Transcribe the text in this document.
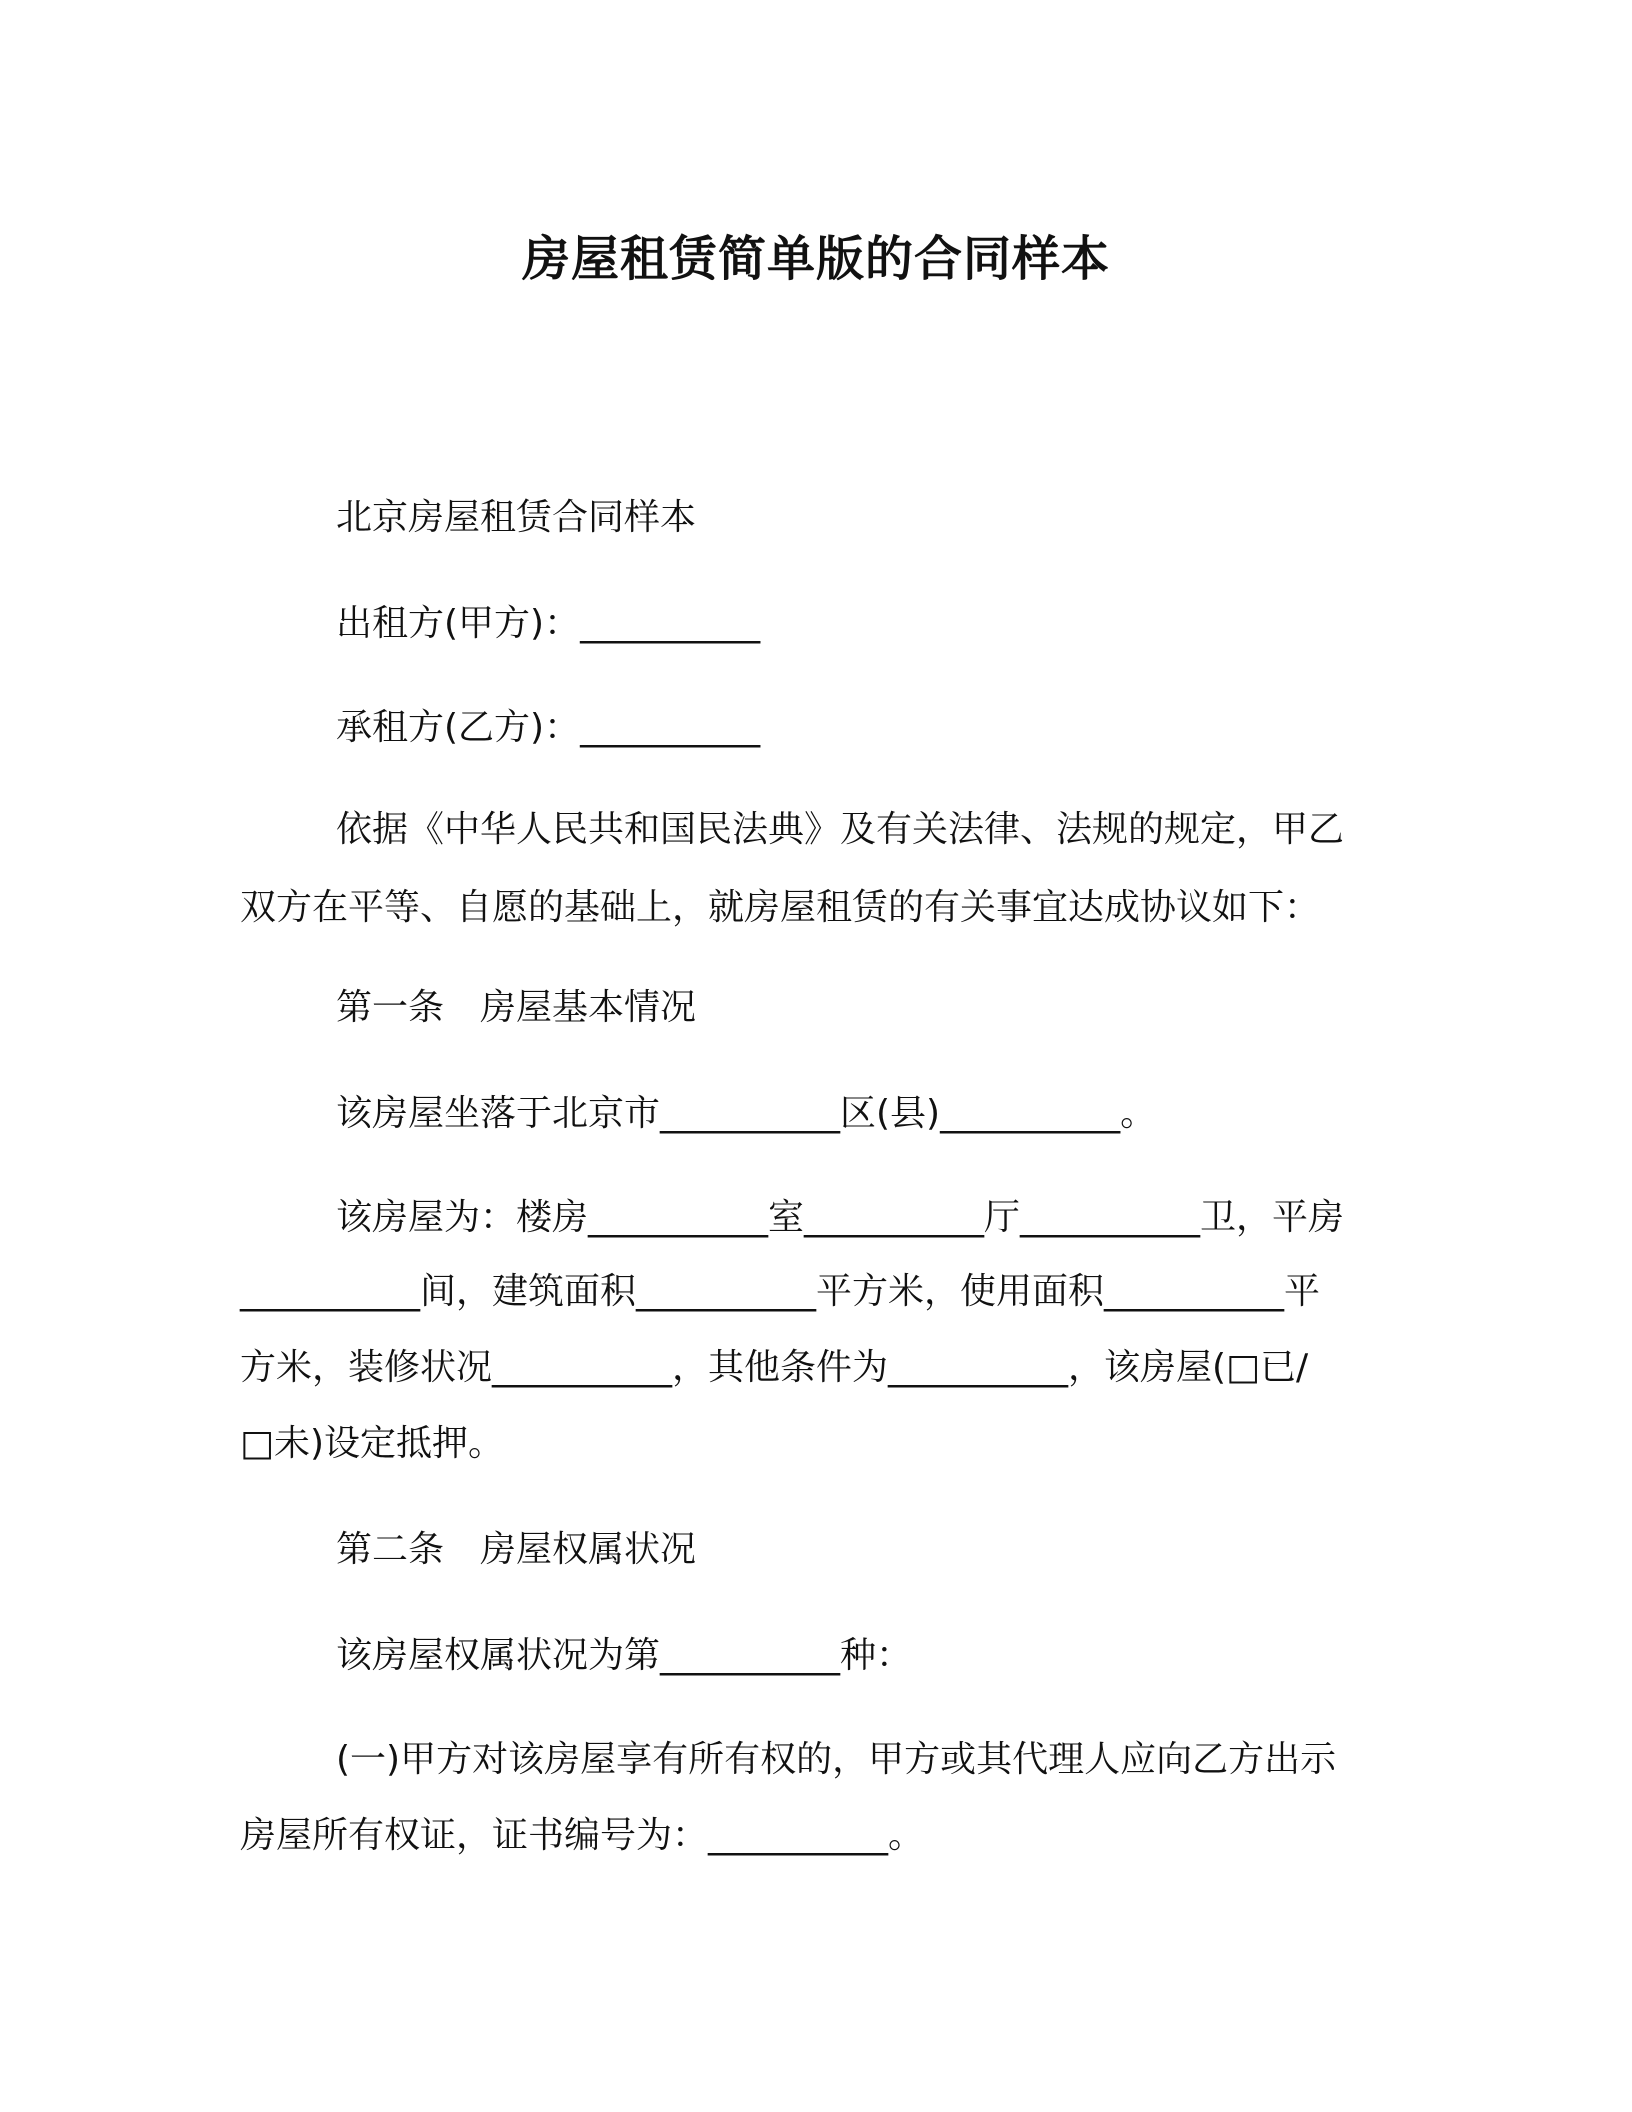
房屋租赁简单版的合同样本
北京房屋租赁合同样本
出租方(甲方)：__________
承租方(乙方)：__________
依据《中华人民共和国民法典》及有关法律、法规的规定，甲乙
双方在平等、自愿的基础上，就房屋租赁的有关事宜达成协议如下：
第一条　房屋基本情况
该房屋坐落于北京市__________区(县)__________。
该房屋为：楼房__________室__________厅__________卫，平房
__________间，建筑面积__________平方米，使用面积__________平
方米，装修状况__________，其他条件为__________，该房屋(□已/
□未)设定抵押。
第二条　房屋权属状况
该房屋权属状况为第__________种：
(一)甲方对该房屋享有所有权的，甲方或其代理人应向乙方出示
房屋所有权证，证书编号为：__________。
